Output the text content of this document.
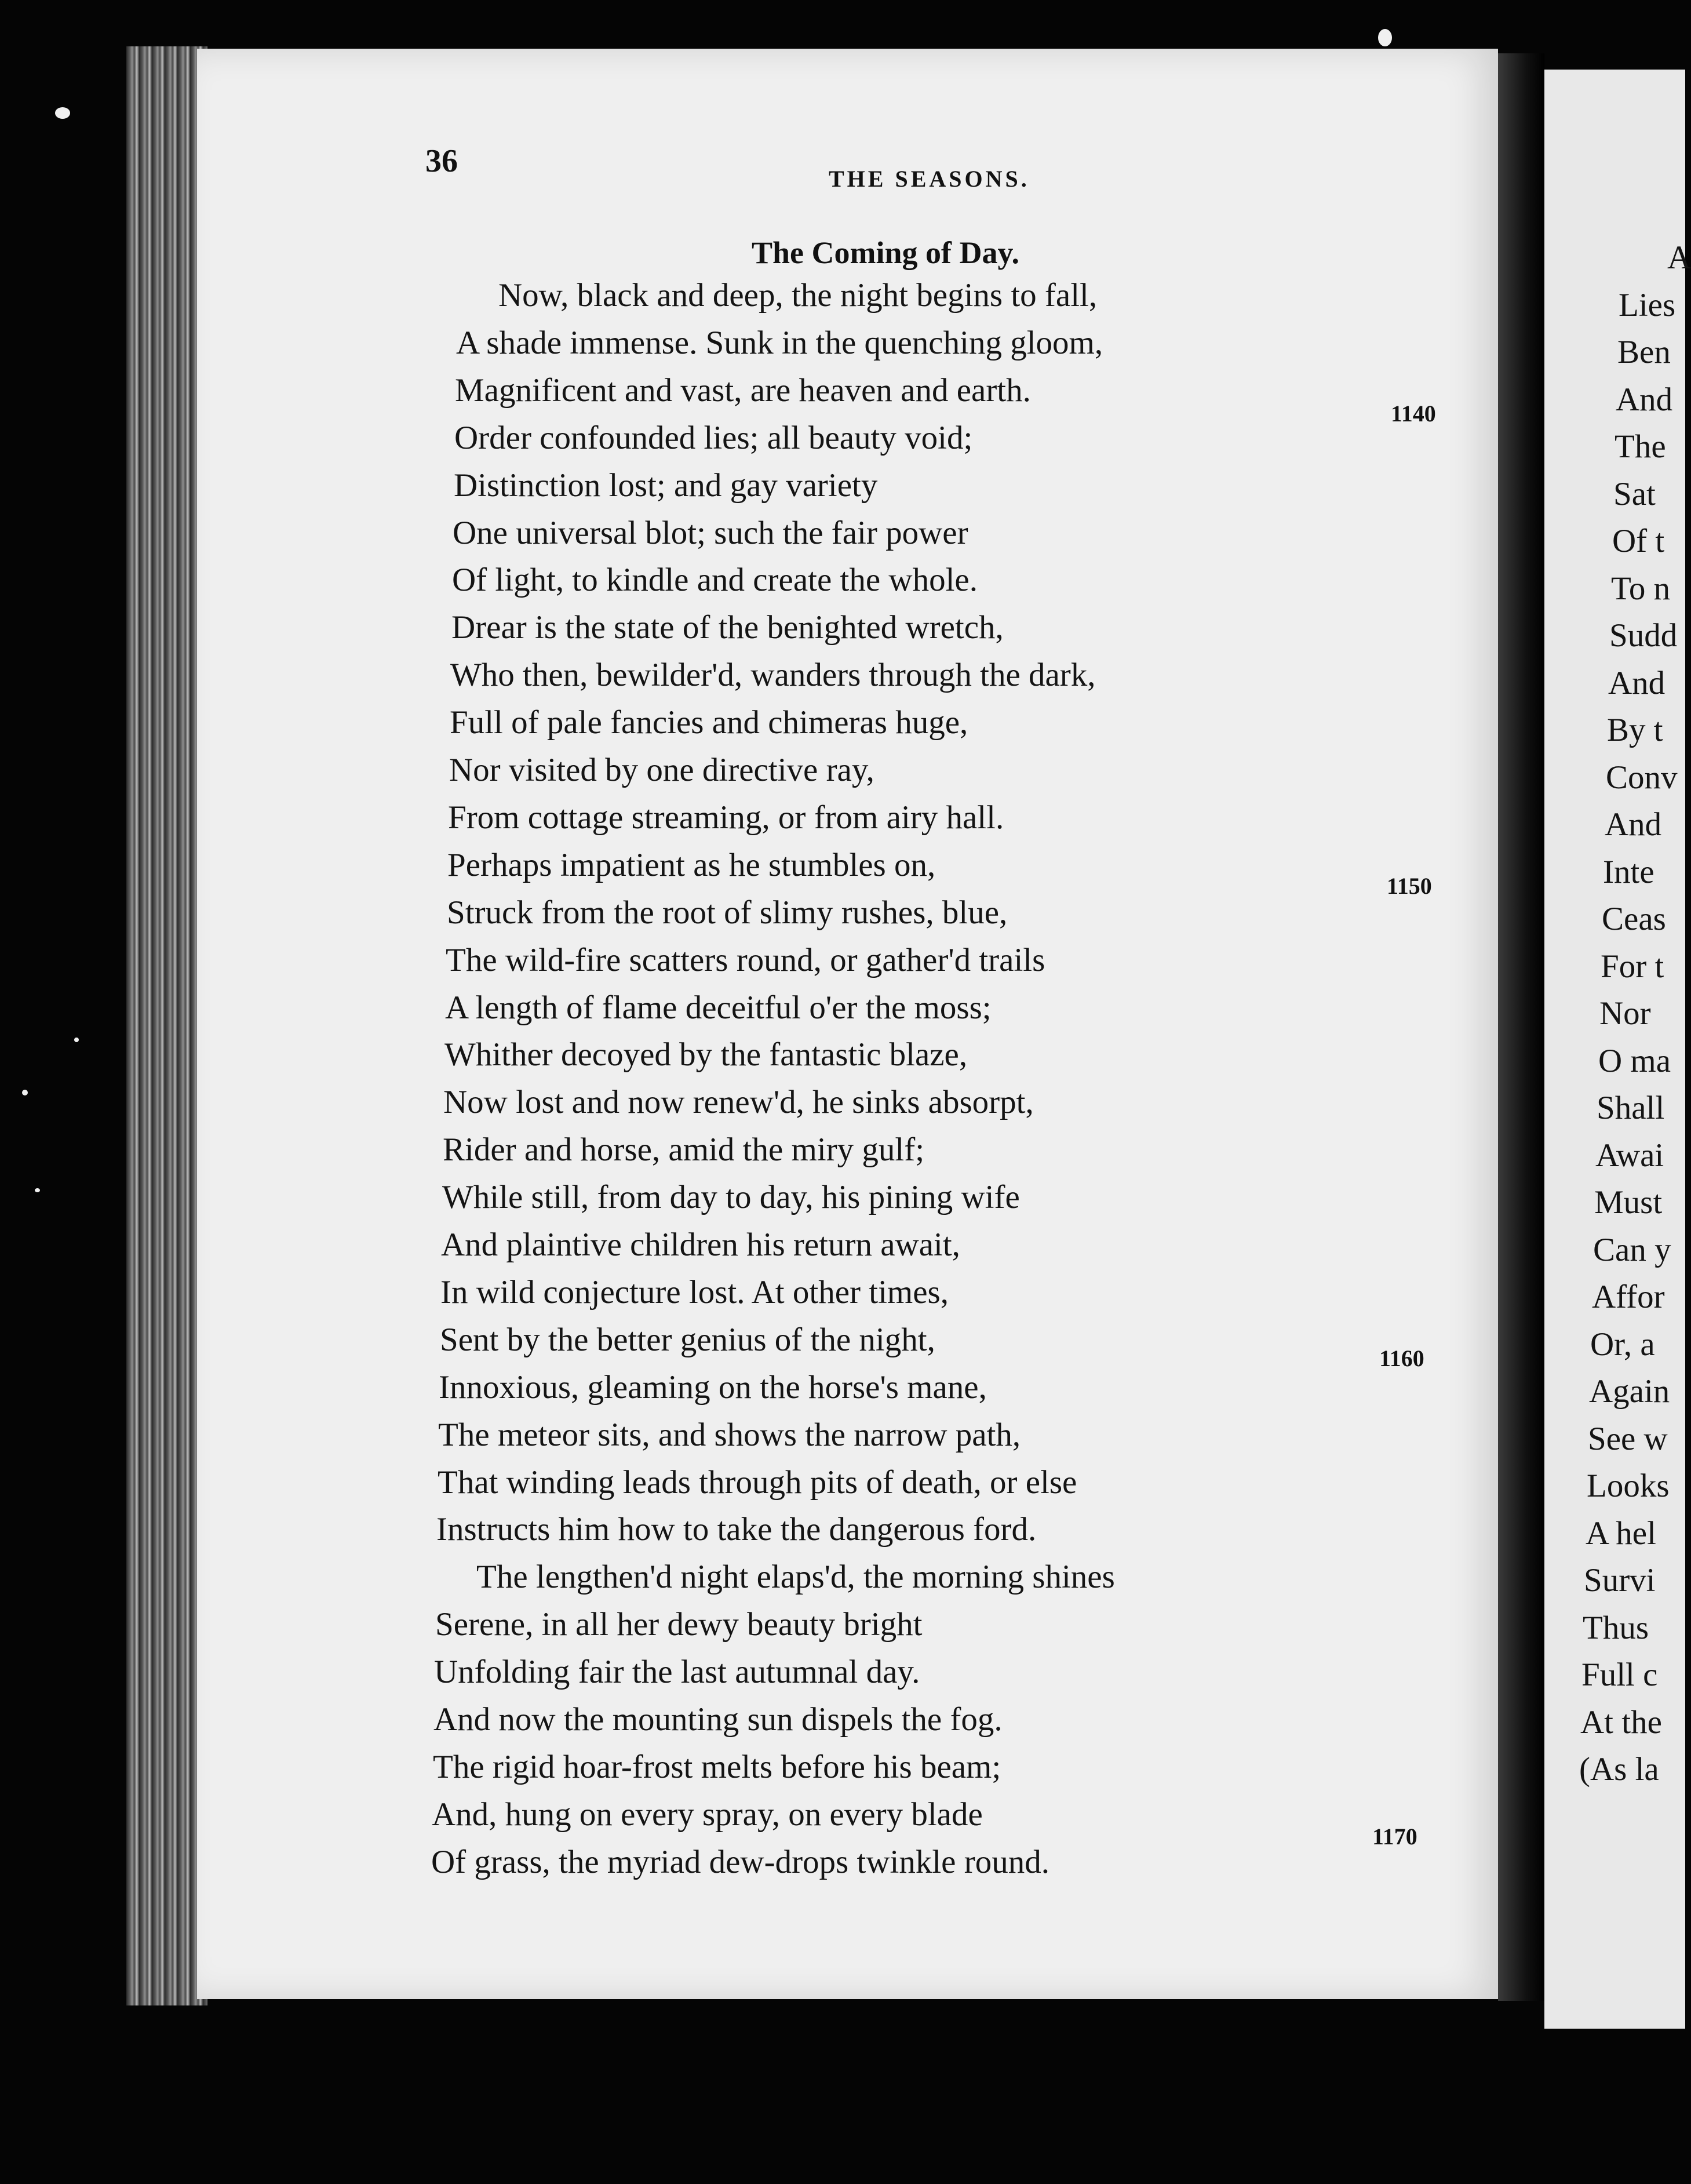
A
Lies
Ben
And
The
Sat
Of t
To n
Sudd
And
By t
Conv
And
Inte
Ceas
For t
Nor
O ma
Shall
Awai
Must
Can y
Affor
Or, a
Again
See w
Looks
A hel
Survi
Thus
Full c
At the
(As la
36	THE SEASONS.
The Coming of Day.
Now, black and deep, the night begins to fall,
A shade immense. Sunk in the quenching gloom,
Magnificent and vast, are heaven and earth.
Order confounded lies; all beauty void;
Distinction lost; and gay variety
One universal blot; such the fair power
Of light, to kindle and create the whole.
Drear is the state of the benighted wretch,
Who then, bewilder'd, wanders through the dark,
Full of pale fancies and chimeras huge,
Nor visited by one directive ray,
From cottage streaming, or from airy hall.
Perhaps impatient as he stumbles on,
Struck from the root of slimy rushes, blue,
The wild-fire scatters round, or gather'd trails
A length of flame deceitful o'er the moss;
Whither decoyed by the fantastic blaze,
Now lost and now renew'd, he sinks absorpt,
Rider and horse, amid the miry gulf;
While still, from day to day, his pining wife
And plaintive children his return await,
In wild conjecture lost. At other times,
Sent by the better genius of the night,
Innoxious, gleaming on the horse's mane,
The meteor sits, and shows the narrow path,
That winding leads through pits of death, or else
Instructs him how to take the dangerous ford.
The lengthen'd night elaps'd, the morning shines
Serene, in all her dewy beauty bright
Unfolding fair the last autumnal day.
And now the mounting sun dispels the fog.
The rigid hoar-frost melts before his beam;
And, hung on every spray, on every blade
Of grass, the myriad dew-drops twinkle round.
1140
1150
1160
1170
